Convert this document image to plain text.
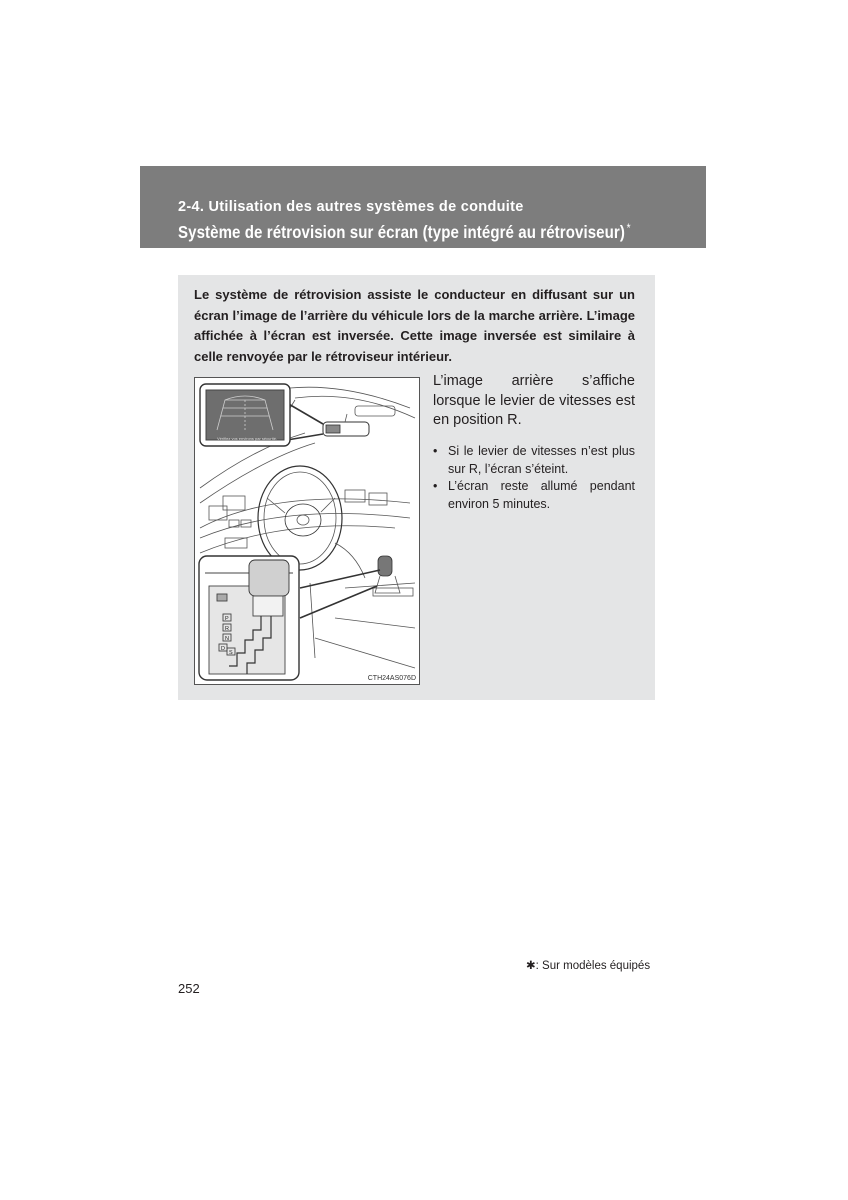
2-4. Utilisation des autres systèmes de conduite
Système de rétrovision sur écran (type intégré au rétroviseur) *

Le système de rétrovision assiste le conducteur en diffusant sur un écran l’image de l’arrière du véhicule lors de la marche arrière. L’image affichée à l’écran est inversée. Cette image inversée est similaire à celle renvoyée par le rétroviseur intérieur.

P
R
N
D
S
Vérifiez vos environs par sécurité.
CTH24AS076D

L’image arrière s’affiche lorsque le levier de vitesses est en position R.

• Si le levier de vitesses n’est plus sur R, l’écran s’éteint.
• L’écran reste allumé pendant environ 5 minutes.
✱: Sur modèles équipés
252
